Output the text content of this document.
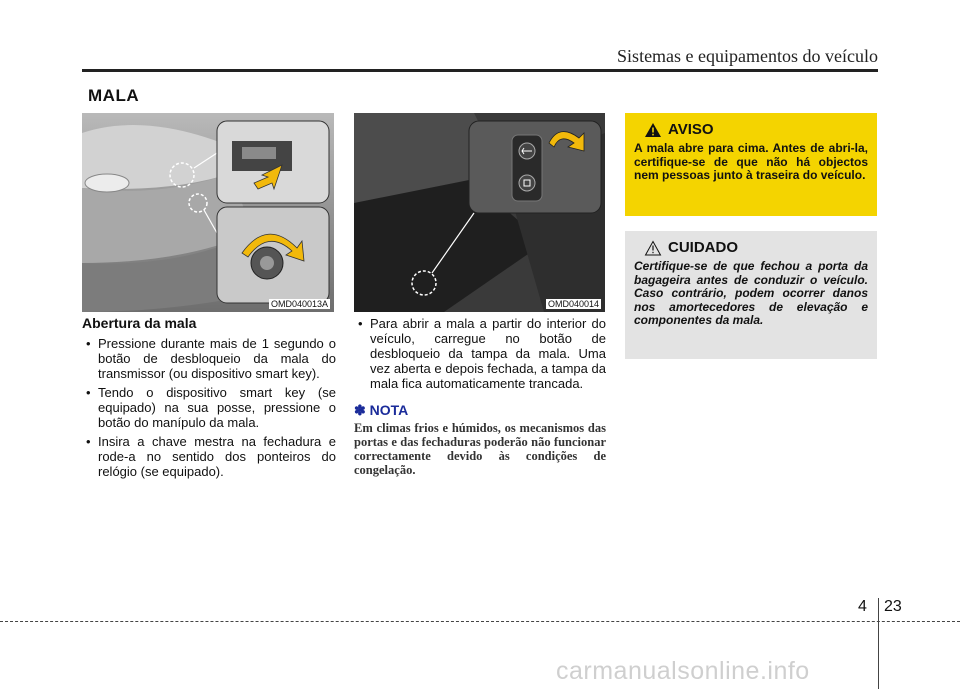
Sistemas e equipamentos do veículo
MALA
OMD040013A	OMD040014
Abertura da mala
• Pressione durante mais de 1 segundo o botão de desbloqueio da mala do transmissor (ou dispositivo smart key).
• Tendo o dispositivo smart key (se equipado) na sua posse, pressione o botão do manípulo da mala.
• Insira a chave mestra na fechadura e rode-a no sentido dos ponteiros do relógio (se equipado).
• Para abrir a mala a partir do interior do veículo, carregue no botão de desbloqueio da tampa da mala. Uma vez aberta e depois fechada, a tampa da mala fica automaticamente trancada.
✽ NOTA
Em climas frios e húmidos, os mecanismos das portas e das fechaduras poderão não funcionar correctamente devido às condições de congelação.
AVISO
A mala abre para cima. Antes de abri-la, certifique-se de que não há objectos nem pessoas junto à traseira do veículo.
CUIDADO
Certifique-se de que fechou a porta da bagageira antes de conduzir o veículo. Caso contrário, podem ocorrer danos nos amortecedores de elevação e componentes da mala.
4 23
carmanualsonline.info
